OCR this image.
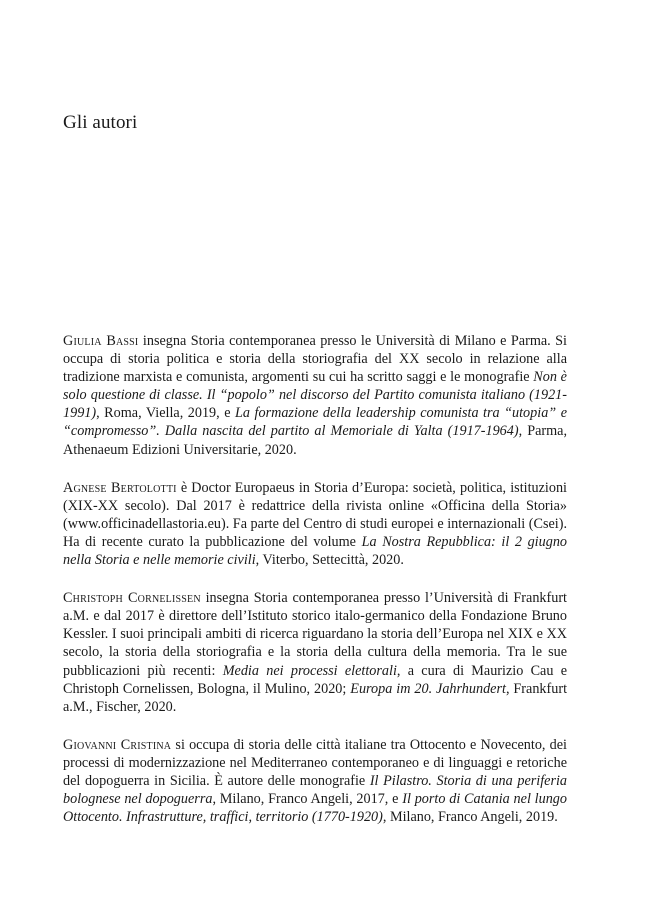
Gli autori

Giulia Bassi insegna Storia contemporanea presso le Università di Milano e Parma. Si occupa di storia politica e storia della storiografia del XX secolo in relazione alla tradizione marxista e comunista, argomenti su cui ha scritto saggi e le monografie Non è solo questione di classe. Il “popolo” nel discorso del Partito comunista italiano (1921-1991), Roma, Viella, 2019, e La formazione della leadership comunista tra “utopia” e “compromesso”. Dalla nascita del partito al Memoriale di Yalta (1917-1964), Parma, Athenaeum Edizioni Universitarie, 2020.

Agnese Bertolotti è Doctor Europaeus in Storia d’Europa: società, politica, istituzioni (XIX-XX secolo). Dal 2017 è redattrice della rivista online «Officina della Storia» (www.officinadellastoria.eu). Fa parte del Centro di studi europei e internazionali (Csei). Ha di recente curato la pubblicazione del volume La Nostra Repubblica: il 2 giugno nella Storia e nelle memorie civili, Viterbo, Settecittà, 2020.

Christoph Cornelissen insegna Storia contemporanea presso l’Università di Frankfurt a.M. e dal 2017 è direttore dell’Istituto storico italo-germanico della Fondazione Bruno Kessler. I suoi principali ambiti di ricerca riguardano la storia dell’Europa nel XIX e XX secolo, la storia della storiografia e la storia della cultura della memoria. Tra le sue pubblicazioni più recenti: Media nei processi elettorali, a cura di Maurizio Cau e Christoph Cornelissen, Bologna, il Mulino, 2020; Europa im 20. Jahrhundert, Frankfurt a.M., Fischer, 2020.

Giovanni Cristina si occupa di storia delle città italiane tra Ottocento e Novecento, dei processi di modernizzazione nel Mediterraneo contemporaneo e di linguaggi e retoriche del dopoguerra in Sicilia. È autore delle monografie Il Pilastro. Storia di una periferia bolognese nel dopoguerra, Milano, Franco Angeli, 2017, e Il porto di Catania nel lungo Ottocento. Infrastrutture, traffici, territorio (1770-1920), Milano, Franco Angeli, 2019.
